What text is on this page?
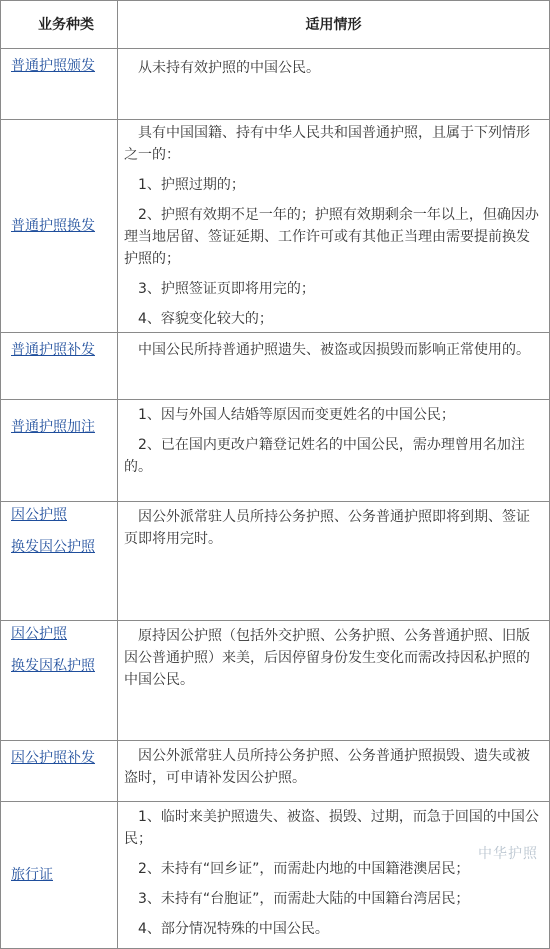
业务种类	适用情形
普通护照颁发	从未持有效护照的中国公民。

普通护照换发	具有中国国籍、持有中华人民共和国普通护照，且属于下列情形之一的：

1、护照过期的；

2、护照有效期不足一年的；护照有效期剩余一年以上，但确因办理当地居留、签证延期、工作许可或有其他正当理由需要提前换发护照的；

3、护照签证页即将用完的；

4、容貌变化较大的；

普通护照补发	中国公民所持普通护照遗失、被盗或因损毁而影响正常使用的。

普通护照加注	1、因与外国人结婚等原因而变更姓名的中国公民；

2、已在国内更改户籍登记姓名的中国公民，需办理曾用名加注的。

因公护照
换发因公护照	因公外派常驻人员所持公务护照、公务普通护照即将到期、签证页即将用完时。

因公护照
换发因私护照	原持因公护照（包括外交护照、公务护照、公务普通护照、旧版因公普通护照）来美，后因停留身份发生变化而需改持因私护照的中国公民。

因公护照补发	因公外派常驻人员所持公务护照、公务普通护照损毁、遗失或被盗时，可申请补发因公护照。

旅行证	1、临时来美护照遗失、被盗、损毁、过期，而急于回国的中国公民；

2、未持有“回乡证”，而需赴内地的中国籍港澳居民；

3、未持有“台胞证”，而需赴大陆的中国籍台湾居民；

4、部分情况特殊的中国公民。	中华护照
